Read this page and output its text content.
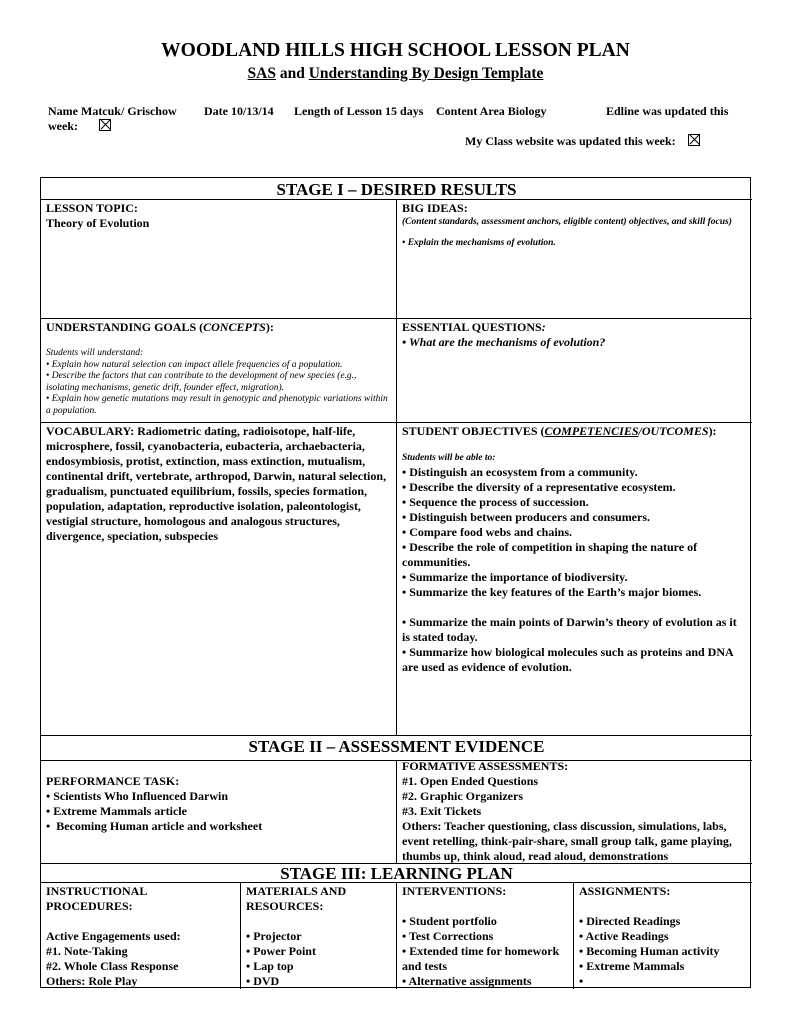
WOODLAND HILLS HIGH SCHOOL LESSON PLAN
SAS and Understanding By Design Template
Name Matcuk/ Grischow Date 10/13/14 Length of Lesson 15 days Content Area Biology	Edline was updated this
week:
My Class website was updated this week:
STAGE I – DESIRED RESULTS
LESSON TOPIC:
Theory of Evolution
BIG IDEAS:
(Content standards, assessment anchors, eligible content) objectives, and skill focus)
• Explain the mechanisms of evolution.
UNDERSTANDING GOALS (CONCEPTS):
Students will understand:
• Explain how natural selection can impact allele frequencies of a population.
• Describe the factors that can contribute to the development of new species (e.g., isolating mechanisms, genetic drift, founder effect, migration).
• Explain how genetic mutations may result in genotypic and phenotypic variations within a population.
ESSENTIAL QUESTIONS:
• What are the mechanisms of evolution?
VOCABULARY: Radiometric dating, radioisotope, half-life, microsphere, fossil, cyanobacteria, eubacteria, archaebacteria, endosymbiosis, protist, extinction, mass extinction, mutualism, continental drift, vertebrate, arthropod, Darwin, natural selection, gradualism, punctuated equilibrium, fossils, species formation, population, adaptation, reproductive isolation, paleontologist, vestigial structure, homologous and analogous structures, divergence, speciation, subspecies
STUDENT OBJECTIVES (COMPETENCIES/OUTCOMES):
Students will be able to:
• Distinguish an ecosystem from a community.
• Describe the diversity of a representative ecosystem.
• Sequence the process of succession.
• Distinguish between producers and consumers.
• Compare food webs and chains.
• Describe the role of competition in shaping the nature of communities.
• Summarize the importance of biodiversity.
• Summarize the key features of the Earth’s major biomes.
• Summarize the main points of Darwin’s theory of evolution as it is stated today.
• Summarize how biological molecules such as proteins and DNA are used as evidence of evolution.
STAGE II – ASSESSMENT EVIDENCE
PERFORMANCE TASK:
• Scientists Who Influenced Darwin
• Extreme Mammals article
• Becoming Human article and worksheet
FORMATIVE ASSESSMENTS:
#1. Open Ended Questions
#2. Graphic Organizers
#3. Exit Tickets
Others: Teacher questioning, class discussion, simulations, labs, event retelling, think-pair-share, small group talk, game playing, thumbs up, think aloud, read aloud, demonstrations
STAGE III: LEARNING PLAN
INSTRUCTIONAL PROCEDURES:
Active Engagements used:
#1. Note-Taking
#2. Whole Class Response
Others: Role Play
MATERIALS AND RESOURCES:
• Projector
• Power Point
• Lap top
• DVD
INTERVENTIONS:
• Student portfolio
• Test Corrections
• Extended time for homework and tests
• Alternative assignments
ASSIGNMENTS:
• Directed Readings
• Active Readings
• Becoming Human activity
• Extreme Mammals
•
